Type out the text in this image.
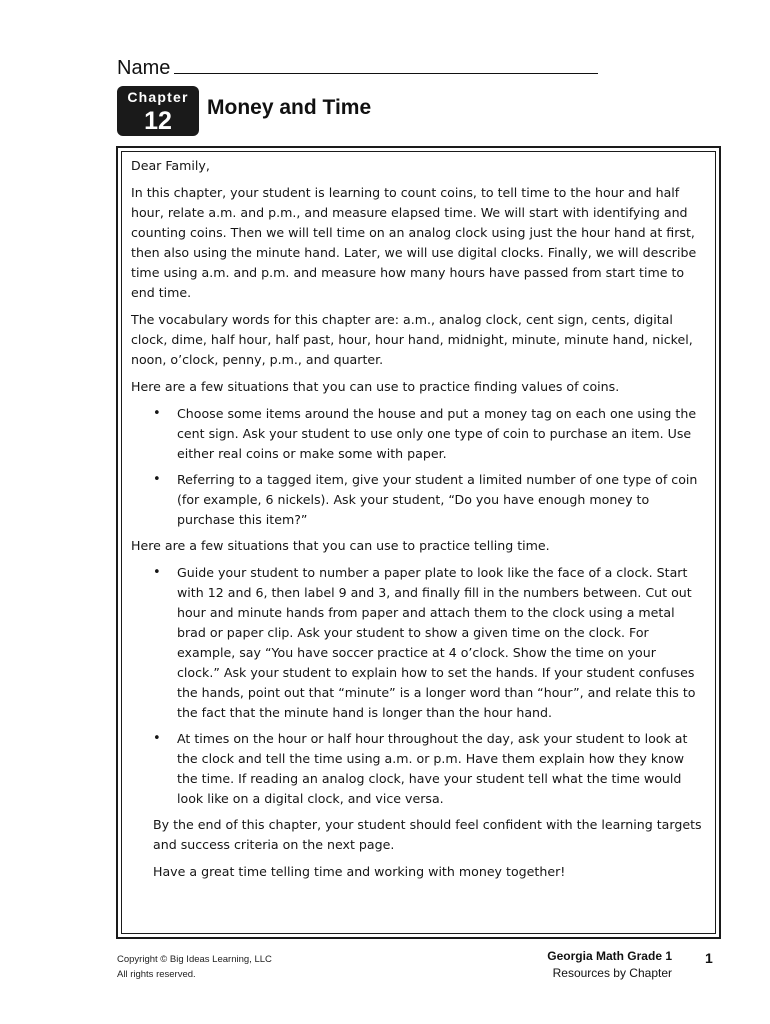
Name
Chapter
12	Money and Time

Dear Family,

In this chapter, your student is learning to count coins, to tell time to the hour and half hour, relate a.m. and p.m., and measure elapsed time. We will start with identifying and counting coins. Then we will tell time on an analog clock using just the hour hand at first, then also using the minute hand. Later, we will use digital clocks. Finally, we will describe time using a.m. and p.m. and measure how many hours have passed from start time to end time.

The vocabulary words for this chapter are: a.m., analog clock, cent sign, cents, digital clock, dime, half hour, half past, hour, hour hand, midnight, minute, minute hand, nickel, noon, o’clock, penny, p.m., and quarter.

Here are a few situations that you can use to practice finding values of coins.

• Choose some items around the house and put a money tag on each one using the cent sign. Ask your student to use only one type of coin to purchase an item. Use either real coins or make some with paper.
• Referring to a tagged item, give your student a limited number of one type of coin (for example, 6 nickels). Ask your student, “Do you have enough money to purchase this item?”

Here are a few situations that you can use to practice telling time.

• Guide your student to number a paper plate to look like the face of a clock. Start with 12 and 6, then label 9 and 3, and finally fill in the numbers between. Cut out hour and minute hands from paper and attach them to the clock using a metal brad or paper clip. Ask your student to show a given time on the clock. For example, say “You have soccer practice at 4 o’clock. Show the time on your clock.” Ask your student to explain how to set the hands. If your student confuses the hands, point out that “minute” is a longer word than “hour”, and relate this to the fact that the minute hand is longer than the hour hand.
• At times on the hour or half hour throughout the day, ask your student to look at the clock and tell the time using a.m. or p.m. Have them explain how they know the time. If reading an analog clock, have your student tell what the time would look like on a digital clock, and vice versa.

By the end of this chapter, your student should feel confident with the learning targets and success criteria on the next page.

Have a great time telling time and working with money together!

Copyright © Big Ideas Learning, LLC
All rights reserved.
Georgia Math Grade 1
Resources by Chapter
1
